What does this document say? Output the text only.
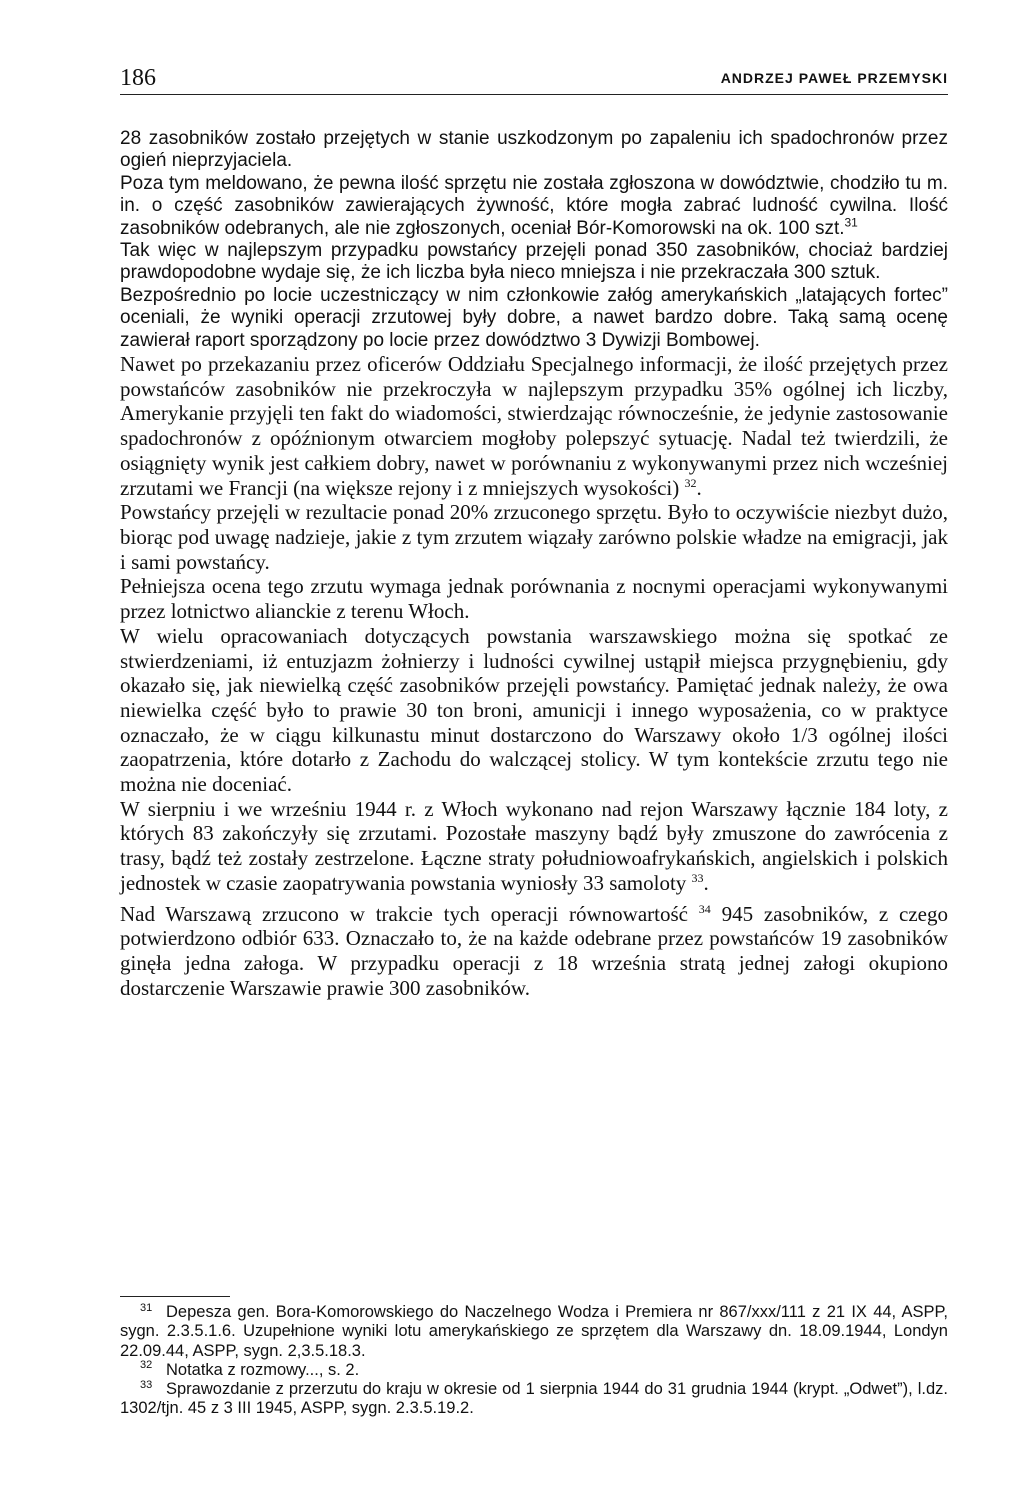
186	ANDRZEJ PAWEŁ PRZEMYSKI

28 zasobników zostało przejętych w stanie uszkodzonym po zapaleniu ich spadochronów przez ogień nieprzyjaciela.

Poza tym meldowano, że pewna ilość sprzętu nie została zgłoszona w dowództwie, chodziło tu m. in. o część zasobników zawierających żywność, które mogła zabrać ludność cywilna. Ilość zasobników odebranych, ale nie zgłoszonych, oceniał Bór-Komorowski na ok. 100 szt.$^{31}$

Tak więc w najlepszym przypadku powstańcy przejęli ponad 350 zasobników, chociaż bardziej prawdopodobne wydaje się, że ich liczba była nieco mniejsza i nie przekraczała 300 sztuk.

Bezpośrednio po locie uczestniczący w nim członkowie załóg amerykańskich „latających fortec” oceniali, że wyniki operacji zrzutowej były dobre, a nawet bardzo dobre. Taką samą ocenę zawierał raport sporządzony po locie przez dowództwo 3 Dywizji Bombowej.

Nawet po przekazaniu przez oficerów Oddziału Specjalnego informacji, że ilość przejętych przez powstańców zasobników nie przekroczyła w najlepszym przypadku 35% ogólnej ich liczby, Amerykanie przyjęli ten fakt do wiadomości, stwierdzając równocześnie, że jedynie zastosowanie spadochronów z opóźnionym otwarciem mogłoby polepszyć sytuację. Nadal też twierdzili, że osiągnięty wynik jest całkiem dobry, nawet w porównaniu z wykonywanymi przez nich wcześniej zrzutami we Francji (na większe rejony i z mniejszych wysokości) $^{32}$.

Powstańcy przejęli w rezultacie ponad 20% zrzuconego sprzętu. Było to oczywiście niezbyt dużo, biorąc pod uwagę nadzieje, jakie z tym zrzutem wiązały zarówno polskie władze na emigracji, jak i sami powstańcy.

Pełniejsza ocena tego zrzutu wymaga jednak porównania z nocnymi operacjami wykonywanymi przez lotnictwo alianckie z terenu Włoch.

W wielu opracowaniach dotyczących powstania warszawskiego można się spotkać ze stwierdzeniami, iż entuzjazm żołnierzy i ludności cywilnej ustąpił miejsca przygnębieniu, gdy okazało się, jak niewielką część zasobników przejęli powstańcy. Pamiętać jednak należy, że owa niewielka część było to prawie 30 ton broni, amunicji i innego wyposażenia, co w praktyce oznaczało, że w ciągu kilkunastu minut dostarczono do Warszawy około 1/3 ogólnej ilości zaopatrzenia, które dotarło z Zachodu do walczącej stolicy. W tym kontekście zrzutu tego nie można nie doceniać.

W sierpniu i we wrześniu 1944 r. z Włoch wykonano nad rejon Warszawy łącznie 184 loty, z których 83 zakończyły się zrzutami. Pozostałe maszyny bądź były zmuszone do zawrócenia z trasy, bądź też zostały zestrzelone. Łączne straty południowoafrykańskich, angielskich i polskich jednostek w czasie zaopatrywania powstania wyniosły 33 samoloty $^{33}$.

Nad Warszawą zrzucono w trakcie tych operacji równowartość $^{34}$ 945 zasobników, z czego potwierdzono odbiór 633. Oznaczało to, że na każde odebrane przez powstańców 19 zasobników ginęła jedna załoga. W przypadku operacji z 18 września stratą jednej załogi okupiono dostarczenie Warszawie prawie 300 zasobników.

31 Depesza gen. Bora-Komorowskiego do Naczelnego Wodza i Premiera nr 867/xxx/111 z 21 IX 44, ASPP, sygn. 2.3.5.1.6. Uzupełnione wyniki lotu amerykańskiego ze sprzętem dla Warszawy dn. 18.09.1944, Londyn 22.09.44, ASPP, sygn. 2,3.5.18.3.

32 Notatka z rozmowy..., s. 2.

33 Sprawozdanie z przerzutu do kraju w okresie od 1 sierpnia 1944 do 31 grudnia 1944 (krypt. „Odwet”), l.dz. 1302/tjn. 45 z 3 III 1945, ASPP, sygn. 2.3.5.19.2.
